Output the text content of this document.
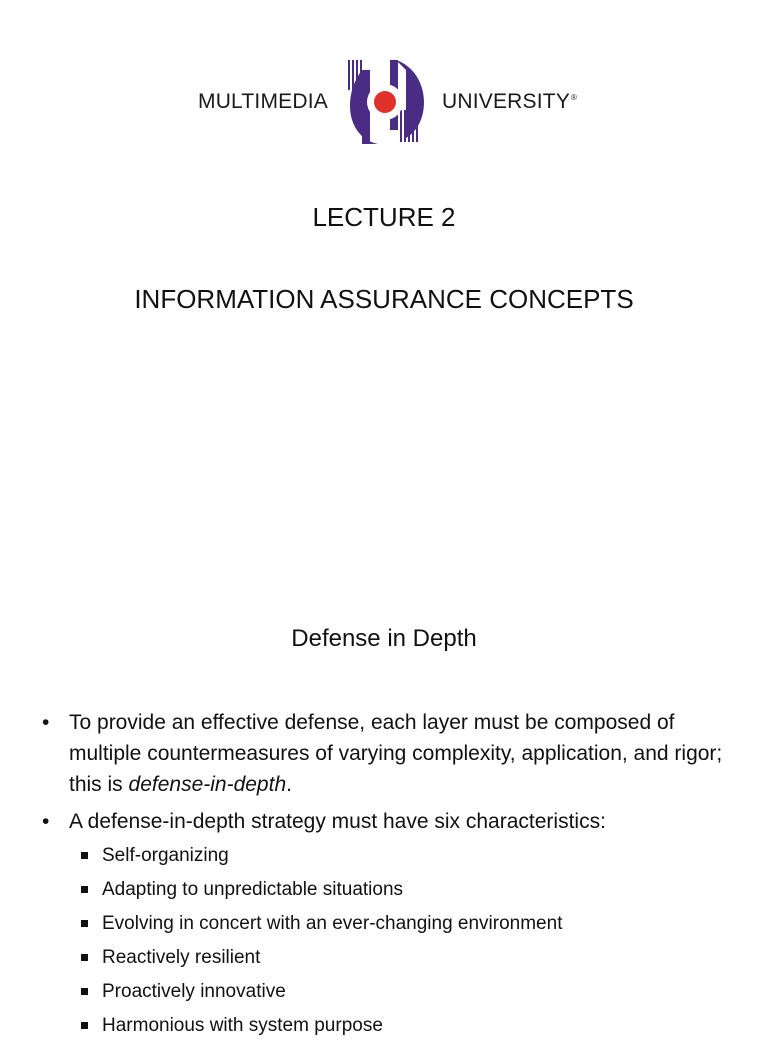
MULTIMEDIA	UNIVERSITY®
LECTURE 2
INFORMATION ASSURANCE CONCEPTS
Defense in Depth
• To provide an effective defense, each layer must be composed of multiple countermeasures of varying complexity, application, and rigor; this is defense-in-depth.
• A defense-in-depth strategy must have six characteristics:
Self-organizing
Adapting to unpredictable situations
Evolving in concert with an ever-changing environment
Reactively resilient
Proactively innovative
Harmonious with system purpose
